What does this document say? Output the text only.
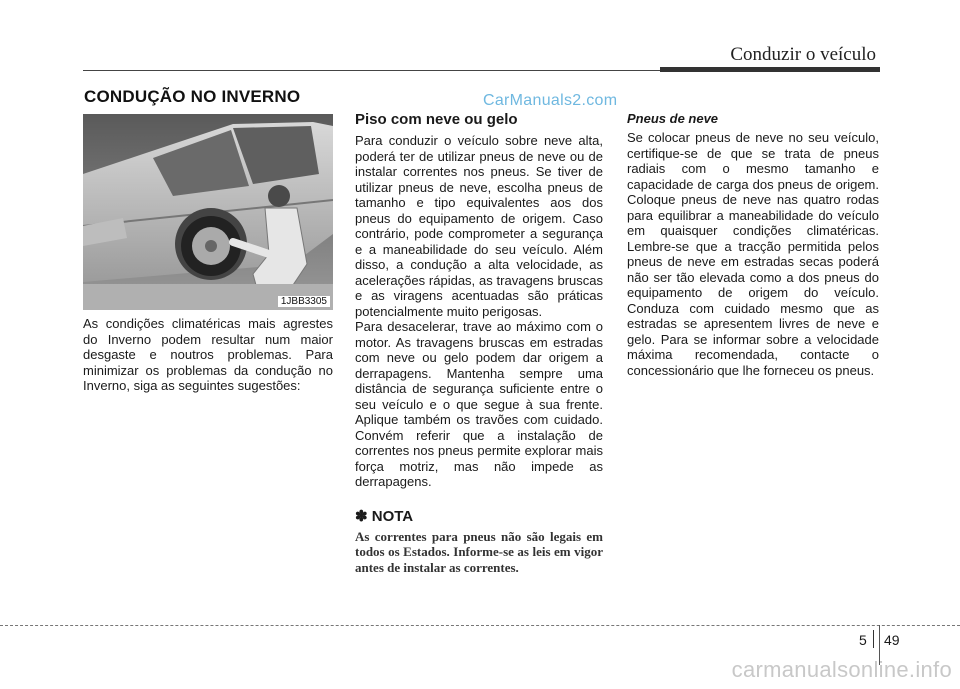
Conduzir o veículo
CONDUÇÃO NO INVERNO	CarManuals2.com
1JBB3305

As condições climatéricas mais agrestes do Inverno podem resultar num maior desgaste e noutros problemas. Para minimizar os problemas da condução no Inverno, siga as seguintes sugestões:

Piso com neve ou gelo

Para conduzir o veículo sobre neve alta, poderá ter de utilizar pneus de neve ou de instalar correntes nos pneus. Se tiver de utilizar pneus de neve, escolha pneus de tamanho e tipo equivalentes aos dos pneus do equipamento de origem. Caso contrário, pode comprometer a segurança e a maneabilidade do seu veículo. Além disso, a condução a alta velocidade, as acelerações rápidas, as travagens bruscas e as viragens acentuadas são práticas potencialmente muito perigosas.

Para desacelerar, trave ao máximo com o motor. As travagens bruscas em estradas com neve ou gelo podem dar origem a derrapagens. Mantenha sempre uma distância de segurança suficiente entre o seu veículo e o que segue à sua frente. Aplique também os travões com cuidado. Convém referir que a instalação de correntes nos pneus permite explorar mais força motriz, mas não impede as derrapagens.

✽ NOTA
As correntes para pneus não são legais em todos os Estados. Informe-se as leis em vigor antes de instalar as correntes.
Pneus de neve

Se colocar pneus de neve no seu veículo, certifique-se de que se trata de pneus radiais com o mesmo tamanho e capacidade de carga dos pneus de origem. Coloque pneus de neve nas quatro rodas para equilibrar a maneabilidade do veículo em quaisquer condições climatéricas. Lembre-se que a tracção permitida pelos pneus de neve em estradas secas poderá não ser tão elevada como a dos pneus do equipamento de origem do veículo. Conduza com cuidado mesmo que as estradas se apresentem livres de neve e gelo. Para se informar sobre a velocidade máxima recomendada, contacte o concessionário que lhe forneceu os pneus.

5 49
carmanualsonline.info
